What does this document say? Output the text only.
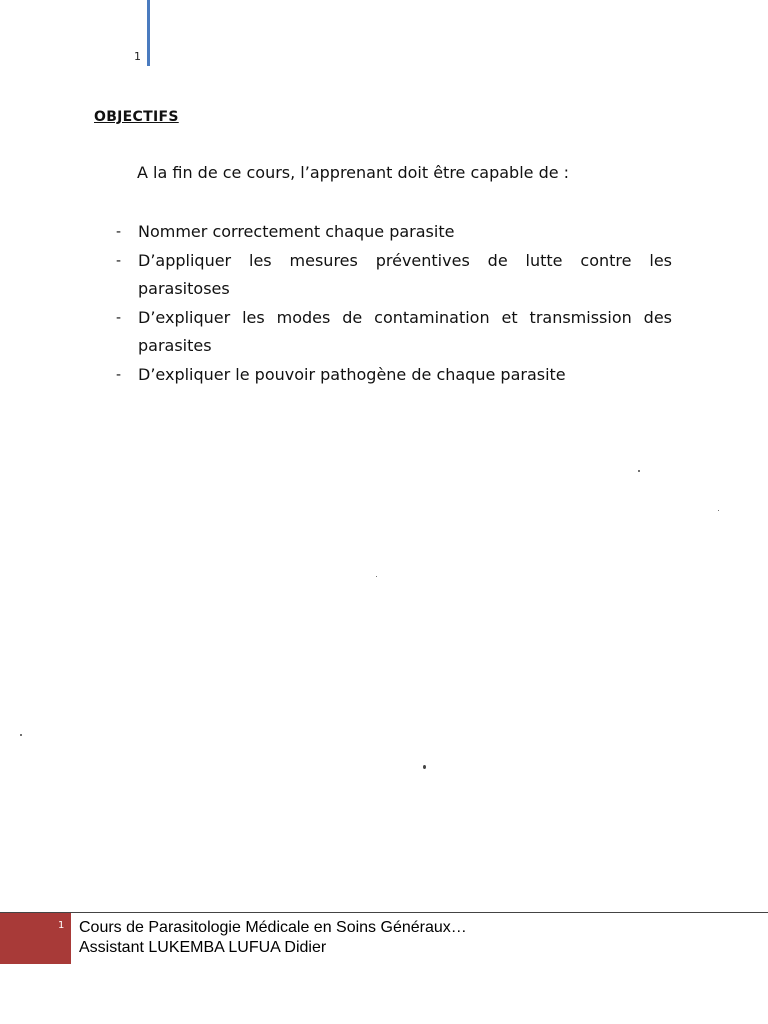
1
OBJECTIFS
A la fin de ce cours, l’apprenant doit être capable de :
- Nommer correctement chaque parasite
- D’appliquer les mesures préventives de lutte contre les parasitoses
- D’expliquer les modes de contamination et transmission des parasites
- D’expliquer le pouvoir pathogène de chaque parasite
1 Cours de Parasitologie Médicale en Soins Généraux…
Assistant LUKEMBA LUFUA Didier
